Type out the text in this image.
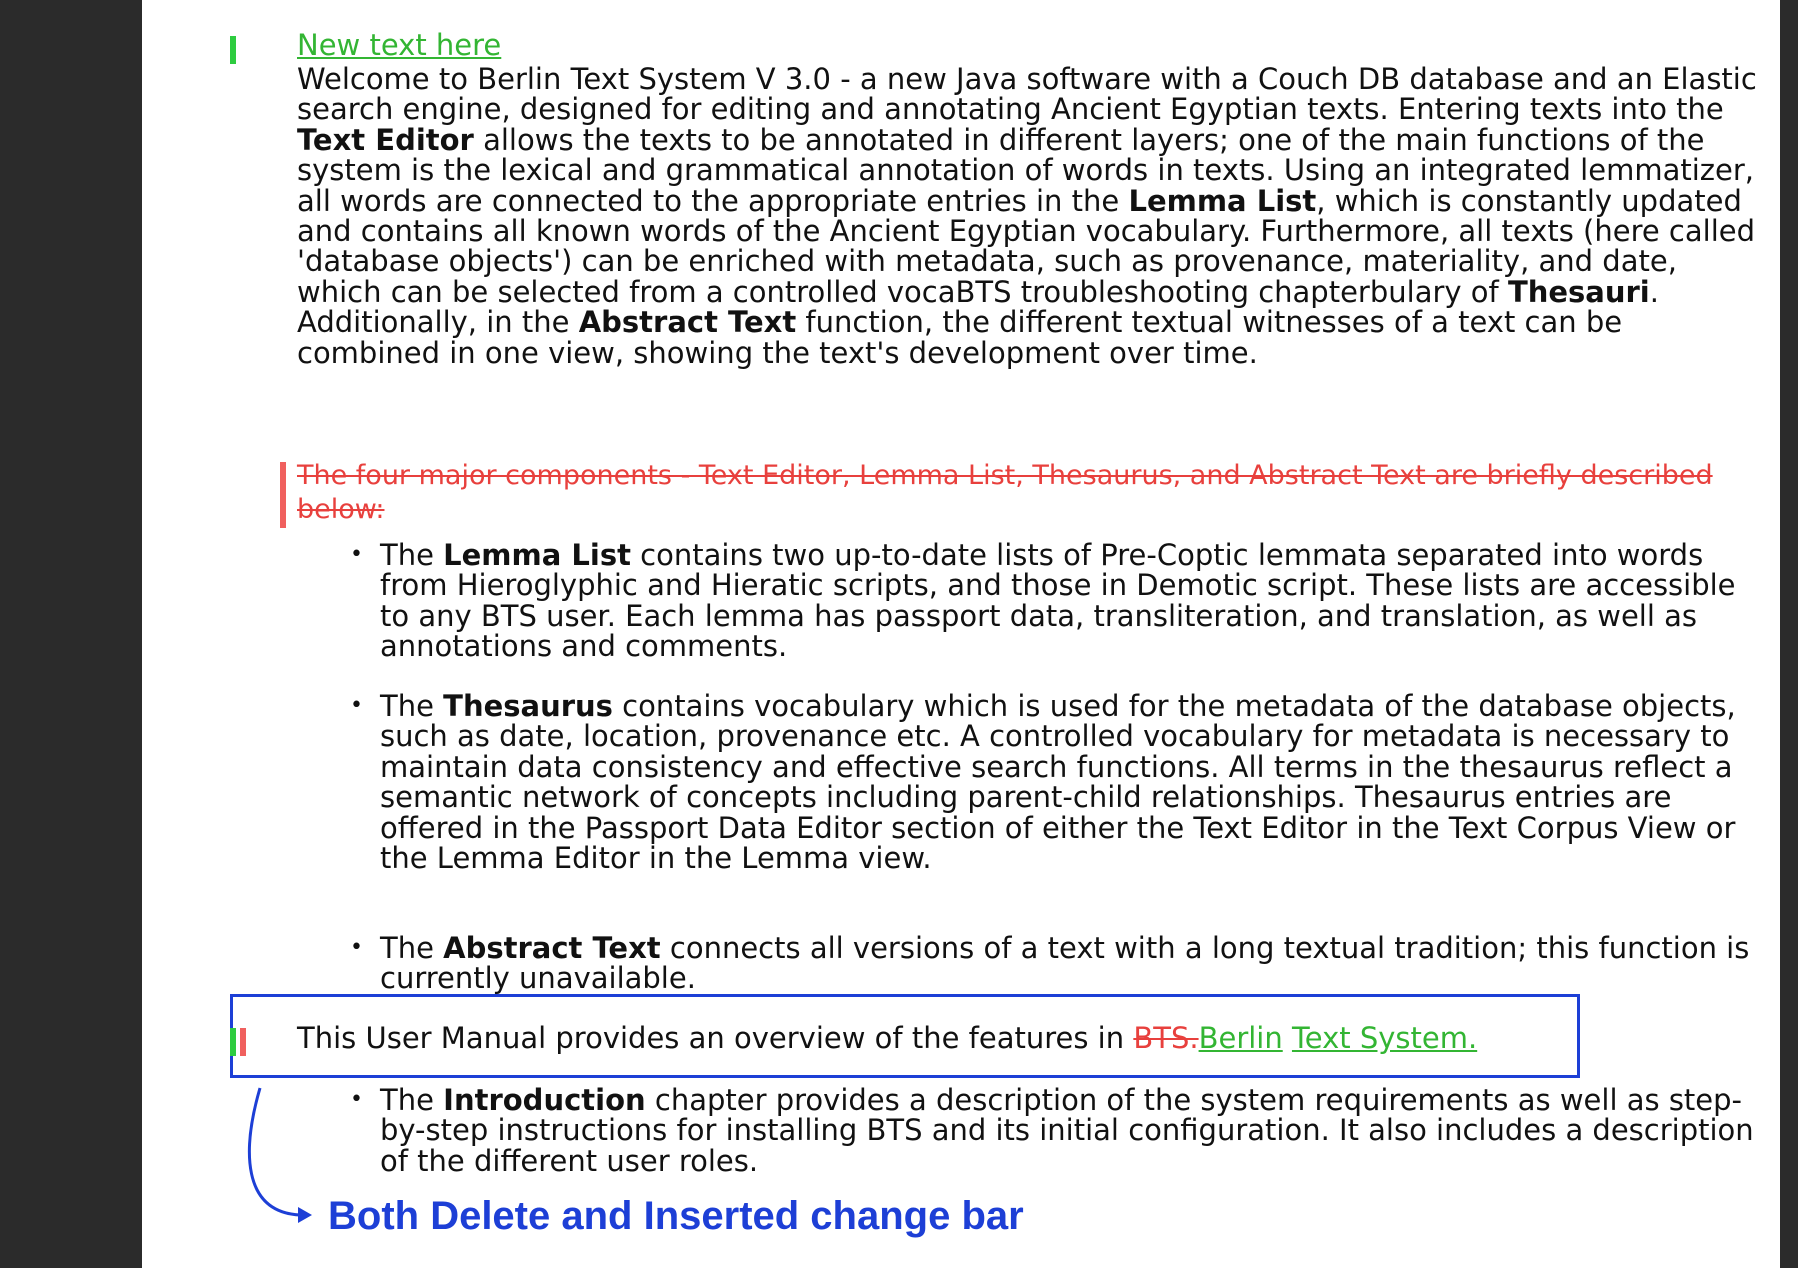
New text here

Welcome to Berlin Text System V 3.0 - a new Java software with a Couch DB database and an Elastic search engine, designed for editing and annotating Ancient Egyptian texts. Entering texts into the Text Editor allows the texts to be annotated in different layers; one of the main functions of the system is the lexical and grammatical annotation of words in texts. Using an integrated lemmatizer, all words are connected to the appropriate entries in the Lemma List, which is constantly updated and contains all known words of the Ancient Egyptian vocabulary. Furthermore, all texts (here called 'database objects') can be enriched with metadata, such as provenance, materiality, and date, which can be selected from a controlled vocaBTS troubleshooting chapterbulary of Thesauri. Additionally, in the Abstract Text function, the different textual witnesses of a text can be combined in one view, showing the text's development over time.

The four major components - Text Editor, Lemma List, Thesaurus, and Abstract Text are briefly described below:

• The Lemma List contains two up-to-date lists of Pre-Coptic lemmata separated into words from Hieroglyphic and Hieratic scripts, and those in Demotic script. These lists are accessible to any BTS user. Each lemma has passport data, transliteration, and translation, as well as annotations and comments.
• The Thesaurus contains vocabulary which is used for the metadata of the database objects, such as date, location, provenance etc. A controlled vocabulary for metadata is necessary to maintain data consistency and effective search functions. All terms in the thesaurus reflect a semantic network of concepts including parent-child relationships. Thesaurus entries are offered in the Passport Data Editor section of either the Text Editor in the Text Corpus View or the Lemma Editor in the Lemma view.
• The Abstract Text connects all versions of a text with a long textual tradition; this function is currently unavailable.
This User Manual provides an overview of the features in BTS.Berlin Text System.
• The Introduction chapter provides a description of the system requirements as well as step-by-step instructions for installing BTS and its initial configuration. It also includes a description of the different user roles.
Both Delete and Inserted change bar
